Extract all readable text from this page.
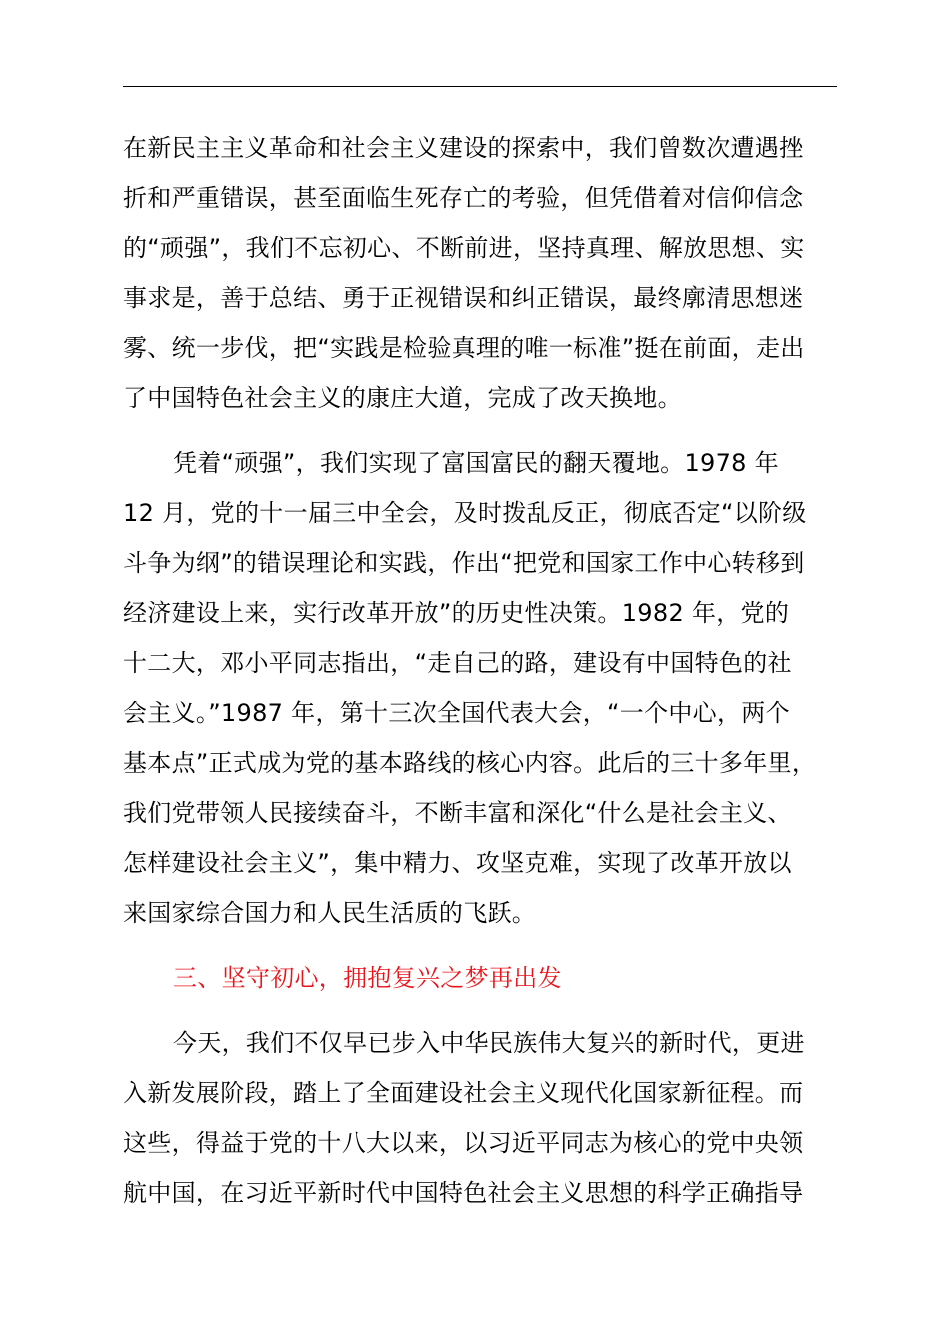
在新民主主义革命和社会主义建设的探索中，我们曾数次遭遇挫
折和严重错误，甚至面临生死存亡的考验，但凭借着对信仰信念
的“顽强”，我们不忘初心、不断前进，坚持真理、解放思想、实
事求是，善于总结、勇于正视错误和纠正错误，最终廓清思想迷
雾、统一步伐，把“实践是检验真理的唯一标准”挺在前面，走出
了中国特色社会主义的康庄大道，完成了改天换地。
凭着“顽强”，我们实现了富国富民的翻天覆地。1978 年
12 月，党的十一届三中全会，及时拨乱反正，彻底否定“以阶级
斗争为纲”的错误理论和实践，作出“把党和国家工作中心转移到
经济建设上来，实行改革开放”的历史性决策。1982 年，党的
十二大，邓小平同志指出，“走自己的路，建设有中国特色的社
会主义。”1987 年，第十三次全国代表大会，“一个中心，两个
基本点”正式成为党的基本路线的核心内容。此后的三十多年里，
我们党带领人民接续奋斗，不断丰富和深化“什么是社会主义、
怎样建设社会主义”，集中精力、攻坚克难，实现了改革开放以
来国家综合国力和人民生活质的飞跃。
三、坚守初心，拥抱复兴之梦再出发
今天，我们不仅早已步入中华民族伟大复兴的新时代，更进
入新发展阶段，踏上了全面建设社会主义现代化国家新征程。而
这些，得益于党的十八大以来，以习近平同志为核心的党中央领
航中国，在习近平新时代中国特色社会主义思想的科学正确指导
